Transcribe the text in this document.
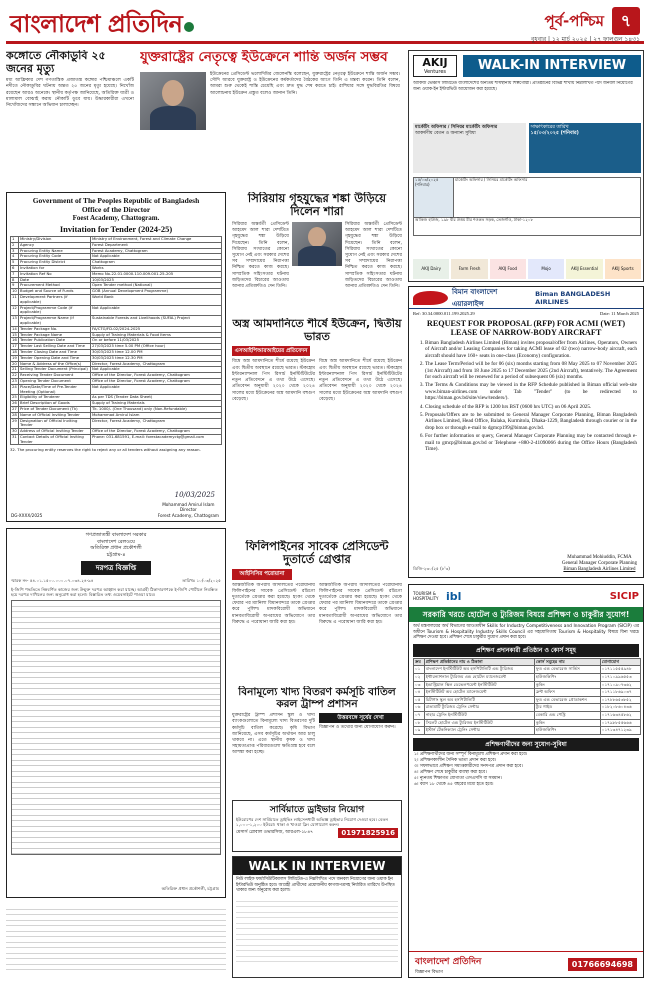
বাংলাদেশ প্রতিদিন	পূর্ব-পশ্চিম	৭
বুধবার | ১২ মার্চ ২০২৫ | ২৭ ফাল্গুন ১৪৩১
কঙ্গোতে নৌকাডুবি ২৫ জনের মৃত্যু

মধ্য আফ্রিকার দেশ গণতান্ত্রিক প্রজাতন্ত্র কঙ্গোর পশ্চিমাঞ্চলে একটি নদীতে নৌকাডুবির ঘটনায় অন্তত ২৫ জনের মৃত্যু হয়েছে। নিখোঁজ রয়েছেন আরও অনেকে। স্থানীয় কর্তৃপক্ষ জানিয়েছে, অতিরিক্ত যাত্রী ও মালামাল বোঝাই করায় নৌকাটি ডুবে যায়। উদ্ধারকারীরা এখনো নিখোঁজদের সন্ধানে অভিযান চালাচ্ছেন।

যুক্তরাষ্ট্রের নেতৃত্বে ইউক্রেনে শান্তি অর্জন সম্ভব

ইউক্রেনের প্রেসিডেন্ট ভলোদিমির জেলেনস্কি বলেছেন, যুক্তরাষ্ট্রের নেতৃত্বে ইউক্রেনে শান্তি অর্জন সম্ভব। সৌদি আরবে যুক্তরাষ্ট্র ও ইউক্রেনের কর্মকর্তাদের বৈঠকের আগে তিনি এ মন্তব্য করেন। তিনি বলেন, আমরা শুরু থেকেই শান্তি চেয়েছি এবং দ্রুত যুদ্ধ শেষ করতে চাই। রাশিয়ার সঙ্গে যুদ্ধবিরতির বিষয়ে আলোচনায় ইউক্রেন প্রস্তুত বলেও জানান তিনি।

AKIJ
Ventures	WALK-IN INTERVIEW
আকিজ ভেঞ্চার্স লিমিটেড বাংলাদেশের অন্যতম শীর্ষস্থানীয় শিল্পগোষ্ঠী। প্রতিষ্ঠানের বিভিন্ন শাখায় নিম্নলিখিত পদে জনবল নিয়োগের জন্য ওয়াক-ইন ইন্টারভিউ আয়োজন করা হয়েছে।
মার্কেটিং অফিসার / সিনিয়র মার্কেটিং অফিসার
আকর্ষণীয় বেতন ও অন্যান্য সুবিধা
সাক্ষাৎকারের তারিখ
১৫/০৩/২০২৫ (শনিবার)
১৫/০৩/২০২৫ (শনিবার)	মার্কেটিং অফিসার / সিনিয়র মার্কেটিং অফিসার
আকিজ হাউজ, ১৯৮ বীর উত্তম মীর শওকত সড়ক, তেজগাঁও, ঢাকা-১২০৮
AKIJ Dairy	Farm Fresh	AKIJ Food	Mojo	AKIJ Essential	AKIJ Sports
Government of The Peoples Republic of Bangladesh
Office of the Director
Foest Academy, Chattogram.
Invitation for Tender (2024-25)
1	Ministry/Division	Ministry of Environment, Forest and Climate Change
2	Agency	Forest Department
3	Procuring Entity Name	Forest Academy, Chattogram
4	Procuring Entity Code	Not Applicable
5	Procuring Entity District	Chattogram
6	Invitation for	Works
7	Invitation Ref No	Memo No-22.01.0000.110.009.001.25-205
8	Date	10/03/2025
9	Procurement Method	Open Tender method (National)
10	Budget and Source of Funds	GOB (Annual Development Programme)
11	Development Partners (if applicable)	World Bank
12	Project/Programme Code (if applicable)	Not Applicable
13	Project/Programme Name (if applicable)	Sustainable Forests and Livelihoods (SUFAL) Project
14	Tender Package No.	FA/CTG/FD-02/2024-2025
15	Tender Package Name	Supply of Training Materials & Food Items
16	Tender Publication Date	On or before 11/03/2025
17	Tender Last Selling Date and Time	27/03/2025 time 5.00 PM (Office hour)
18	Tender Closing Date and Time	30/03/2025 time 12.00 PM
19	Tender Opening Date and Time	30/03/2025 time 12.30 PM
20	Name & Address of the Office(s)	Director, Forest Academy, Chattogram
21	Selling Tender Document (Principal)	Not Applicable
22	Receiving Tender Document	Office of the Director, Forest Academy, Chattogram
23	Opening Tender Document	Office of the Director, Forest Academy, Chattogram
24	Place/Date/Time of Pre-Tender Meeting (Optional)	Not Applicable
25	Eligibility of Tenderer	As per TDS (Tender Data Sheet)
26	Brief Description of Goods	Supply of Training Materials
27	Price of Tender Document (Tk)	Tk. 1000/- (One Thousand) only (Non-Refundable)
28	Name of Official Inviting Tender	Mohammad Amirul Islam
29	Designation of Official Inviting Tender	Director, Forest Academy, Chattogram
30	Address of Official Inviting Tender	Office of the Director, Forest Academy, Chattogram
31	Contact Details of Official Inviting Tender	Phone: 031-681591, E-mail: forestacademyctg@gmail.com
32. The procuring entity reserves the right to reject any or all tenders without assigning any reason.
10/03/2025
Mohammad Amirul Islam
Director
Forest Academy, Chattogram
DG-XXXX/2025
সিরিয়ায় গৃহযুদ্ধের শঙ্কা উড়িয়ে দিলেন শারা

সিরিয়ার অন্তর্বর্তী প্রেসিডেন্ট আহমেদ আল শারা দেশটিতে গৃহযুদ্ধের শঙ্কা উড়িয়ে দিয়েছেন। তিনি বলেন, সিরিয়ায় সংঘাতের কোনো সুযোগ নেই এবং সরকার দেশের সব সম্প্রদায়ের নিরাপত্তা নিশ্চিত করতে কাজ করছে। সাম্প্রতিক সহিংসতার ঘটনায় জড়িতদের বিচারের আওতায় আনার প্রতিশ্রুতিও দেন তিনি।

সিরিয়ার অন্তর্বর্তী প্রেসিডেন্ট আহমেদ আল শারা দেশটিতে গৃহযুদ্ধের শঙ্কা উড়িয়ে দিয়েছেন। তিনি বলেন, সিরিয়ায় সংঘাতের কোনো সুযোগ নেই এবং সরকার দেশের সব সম্প্রদায়ের নিরাপত্তা নিশ্চিত করতে কাজ করছে। সাম্প্রতিক সহিংসতার ঘটনায় জড়িতদের বিচারের আওতায় আনার প্রতিশ্রুতিও দেন তিনি।

অস্ত্র আমদানিতে শীর্ষে ইউক্রেন, দ্বিতীয় ভারত
এসআইপিআরআইয়ের প্রতিবেদন

বিশ্বে অস্ত্র আমদানিতে শীর্ষে রয়েছে ইউক্রেন এবং দ্বিতীয় অবস্থানে রয়েছে ভারত। স্টকহোম ইন্টারন্যাশনাল পিস রিসার্চ ইনস্টিটিউটের নতুন প্রতিবেদনে এ তথ্য উঠে এসেছে। প্রতিবেদন অনুযায়ী ২০২০ থেকে ২০২৪ সালের মধ্যে ইউক্রেনের অস্ত্র আমদানি বহুগুণ বেড়েছে।

বিশ্বে অস্ত্র আমদানিতে শীর্ষে রয়েছে ইউক্রেন এবং দ্বিতীয় অবস্থানে রয়েছে ভারত। স্টকহোম ইন্টারন্যাশনাল পিস রিসার্চ ইনস্টিটিউটের নতুন প্রতিবেদনে এ তথ্য উঠে এসেছে। প্রতিবেদন অনুযায়ী ২০২০ থেকে ২০২৪ সালের মধ্যে ইউক্রেনের অস্ত্র আমদানি বহুগুণ বেড়েছে।

বিমান বাংলাদেশ এয়ারলাইন্স
Biman BANGLADESH AIRLINES
Ref: 30.34.0000.011.199.2025.29	Date: 11 March 2025
REQUEST FOR PROPOSAL (RFP) FOR ACMI (WET) LEASE OF NARROW-BODY AIRCRAFT
1. Biman Bangladesh Airlines Limited (Biman) invites proposal/offer from Airlines, Operators, Owners of Aircraft and/or Leasing Companies for taking ACMI lease of 02 (two) narrow-body aircraft, each aircraft should have 160+ seats in one-class (Economy) configuration.
2. The Lease Term/Period will be for 06 (six) months starting from 08 May 2025 to 07 November 2025 (1st Aircraft) and from 18 June 2025 to 17 December 2025 (2nd Aircraft), tentatively. The Agreement for each aircraft will be renewed for a period of subsequent 06 (six) months.
3. The Terms & Conditions may be viewed in the RFP Schedule published in Biman official web-site www.biman-airlines.com under Tab "Tender" (to be redirected to https://biman.gov.bd/site/view/tenders/).
4. Closing schedule of the RFP is 1200 hrs BST (0600 hrs UTC) on 06 April 2025.
5. Proposals/Offers are to be submitted to General Manager Corporate Planning, Biman Bangladesh Airlines Limited, Head Office, Balaka, Kurmitola, Dhaka-1229, Bangladesh through courier or in the drop box or through e-mail to dgmcp199@biman.gov.bd.
6. For further information or query, General Manager Corporate Planning may be contacted through e-mail to gmcp@biman.gov.bd or Telephone +880-2-41090066 during the Office Hours (Bangladesh Time).
Muhammad Mohiuddin, FCMA
General Manager Corporate Planning
Biman Bangladesh Airlines Limited
ডিজি-২৩০/২৫ (৮'৩)
গণপ্রজাতন্ত্রী বাংলাদেশ সরকার
বাংলাদেশ রেলওয়ে
অতিরিক্ত প্রধান প্রকৌশলী
চট্টগ্রাম-৪
দরপত্র বিজ্ঞপ্তি
স্মারক নং- ৫৪.০১.১৫০০.০০০.০৭.০৩৪.২৪-৯৪	তারিখঃ ১০/০৩/২০২৫
ই-জিপি পদ্ধতিতে নিম্নবর্ণিত কাজের জন্য উন্মুক্ত দরপত্র আহ্বান করা যাচ্ছে। আগ্রহী ঠিকাদারগণকে ই-জিপি পোর্টালে নিবন্ধিত হয়ে দরপত্র দাখিলের জন্য অনুরোধ করা হলো। বিস্তারিত তথ্য ওয়েবসাইটে পাওয়া যাবে।
অতিরিক্ত প্রধান প্রকৌশলী, চট্টগ্রাম
ফিলিপাইনের সাবেক প্রেসিডেন্ট দুতার্তে গ্রেপ্তার
আইসিসির পরোয়ানা

আন্তর্জাতিক অপরাধ আদালতের পরোয়ানায় ফিলিপাইনের সাবেক প্রেসিডেন্ট রদ্রিগো দুতার্তেকে গ্রেপ্তার করা হয়েছে। হংকং থেকে ফেরার পর ম্যানিলা বিমানবন্দরে তাকে গ্রেপ্তার করে পুলিশ। মাদকবিরোধী অভিযানে মানবতাবিরোধী অপরাধের অভিযোগে তার বিরুদ্ধে এ পরোয়ানা জারি করা হয়।

আন্তর্জাতিক অপরাধ আদালতের পরোয়ানায় ফিলিপাইনের সাবেক প্রেসিডেন্ট রদ্রিগো দুতার্তেকে গ্রেপ্তার করা হয়েছে। হংকং থেকে ফেরার পর ম্যানিলা বিমানবন্দরে তাকে গ্রেপ্তার করে পুলিশ। মাদকবিরোধী অভিযানে মানবতাবিরোধী অপরাধের অভিযোগে তার বিরুদ্ধে এ পরোয়ানা জারি করা হয়।

বিনামূল্যে খাদ্য বিতরণ কর্মসূচি বাতিল করল ট্রাম্প প্রশাসন

যুক্তরাষ্ট্রের ট্রাম্প প্রশাসন স্কুল ও খাদ্য ব্যাংকগুলোতে বিনামূল্যে খাদ্য বিতরণের দুটি কর্মসূচি বাতিল করেছে। কৃষি বিভাগ জানিয়েছে, এসব কর্মসূচির অর্থায়ন আর চালু থাকবে না। এতে স্থানীয় কৃষক ও খাদ্য সহায়তাপ্রাপ্ত পরিবারগুলো ক্ষতিগ্রস্ত হবে বলে আশঙ্কা করা হচ্ছে।

উত্তরবঙ্গে সূর্যের দেখা

বিজ্ঞাপন ও তথ্যের জন্য যোগাযোগ করুন।

সার্বিয়াতে ড্রাইভার নিয়োগ
ইউরোপের দেশ সার্বিয়াতে ড্রাইভিং লাইসেন্সধারী অভিজ্ঞ ড্রাইভার নিয়োগ দেওয়া হবে। বেতন ১,০০০-১,২০০ ইউরো। থাকা ও খাওয়া ফ্রি। যোগাযোগ করুন।
মেসার্স গ্লোবাল ওভারসিজ, আরএল-১৮৪৭	01971825916
WALK IN INTERVIEW
নিউ লাইফ ফার্মাসিউটিক্যালস লিমিটেড-এ নিম্নলিখিত পদে জনবল নিয়োগের জন্য ওয়াক ইন ইন্টারভিউ অনুষ্ঠিত হবে। আগ্রহী প্রার্থীদের প্রয়োজনীয় কাগজপত্রসহ নির্ধারিত তারিখে উপস্থিত থাকার জন্য অনুরোধ করা হলো।
TOURISM & HOSPITALITY ibl	SICIP
সরকারি খরচে হোটেল ও ট্যুরিজম বিষয়ে প্রশিক্ষণ ও চাকুরীর সুযোগ!
অর্থ মন্ত্রণালয়ের অর্থ বিভাগের আওতাধীন Skills for Industry Competitiveness and Innovation Program (SICIP) এর অধীনে Tourism & Hospitality Industry Skills Council এর সহযোগিতায় Tourism & Hospitality বিষয়ে বিনা খরচে প্রশিক্ষণ দেওয়া হবে। প্রশিক্ষণ শেষে চাকুরীর সুযোগ প্রদান করা হবে।
প্রশিক্ষণ প্রদানকারী প্রতিষ্ঠান ও কোর্স সমূহ
ক্রম	প্রশিক্ষণ প্রতিষ্ঠানের নাম ও ঠিকানা	কোর্স সমূহের নাম	যোগাযোগ
০১	বাংলাদেশ ইনস্টিটিউট অব হসপিটালিটি এন্ড ট্যুরিজম	ফুড এন্ড বেভারেজ সার্ভিস	০১৭১১৫৫৫৯৪৮
০২	ইন্টারন্যাশনাল ট্যুরিজম এন্ড হোটেল ম্যানেজমেন্ট	হাউজকিপিং	০১৭১০৯৯৬৫৫৩
০৩	ইন্ডাস্ট্রিয়াল স্কিল ডেভেলপমেন্ট ইনস্টিটিউট	কুকিং	০১৭১০৯০৭৩৬২
০৪	ইনস্টিটিউট অব হোটেল ম্যানেজমেন্ট	ফ্রন্ট অফিস	০১৭১১৮৬৯০৩৭
০৫	চিটাগাং স্কুল অব হসপিটালিটি	ফুড এন্ড বেভারেজ প্রোডাকশন	০১৭৮৮৬৫৩৮৫২
০৬	রাঙামাটি ট্যুরিজম ট্রেনিং সেন্টার	ট্যুর গাইড	০১৮২০৮৬০৪৩৬
০৭	নাহার ট্রেনিং ইনস্টিটিউট	বেকারি এন্ড পেস্ট্রি	০১৭১৬৩৪৫৮৬২
০৮	সিলেট হোটেল এন্ড ট্যুরিজম ইনস্টিটিউট	কুকিং	০১৭৯৮৮৫৫৬৬৬
০৯	ইস্টার্ন টেকনিক্যাল ট্রেনিং সেন্টার	হাউজকিপিং	০১৭১৩৪৭১২৩৯
প্রশিক্ষণার্থীদের জন্য সুযোগ-সুবিধা
১। প্রশিক্ষণার্থীদের জন্য সম্পূর্ণ বিনামূল্যে প্রশিক্ষণ প্রদান করা হবে।
২। প্রশিক্ষণকালীন দৈনিক ভাতা প্রদান করা হবে।
৩। সফলভাবে প্রশিক্ষণ সমাপ্তকারীদের সনদপত্র প্রদান করা হবে।
৪। প্রশিক্ষণ শেষে চাকুরীর ব্যবস্থা করা হবে।
৫। ন্যূনতম শিক্ষাগত যোগ্যতা এসএসসি বা সমমান।
৬। বয়স ১৮ থেকে ৪৫ বছরের মধ্যে হতে হবে।
বাংলাদেশ প্রতিদিন
বিজ্ঞাপন বিভাগ
01766694698
